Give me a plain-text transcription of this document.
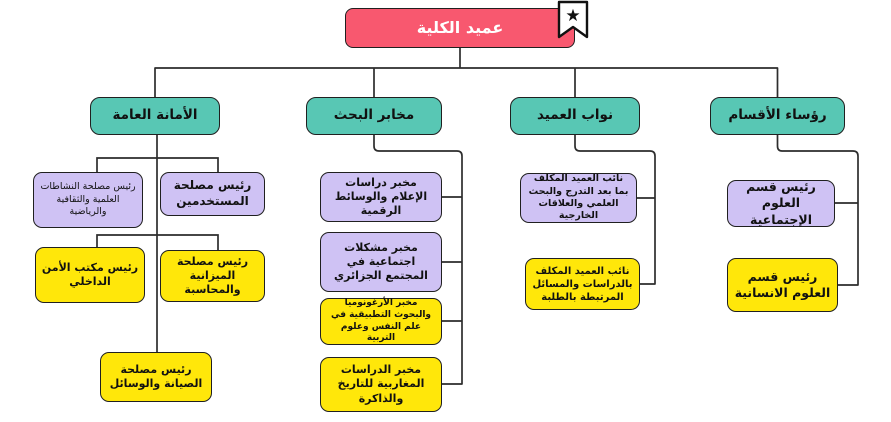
عميد الكلية
★
الأمانة العامة	مخابر البحث	نواب العميد	رؤساء الأقسام
رئيس مصلحة النشاطات العلمية والثقافية والرياضية
رئيس مصلحة المستخدمين
رئيس مكتب الأمن الداخلي
رئيس مصلحة الميزانية والمحاسبة
رئيس مصلحة الصيانة والوسائل
مخبر دراسات الإعلام والوسائط الرقمية
مخبر مشكلات اجتماعية في المجتمع الجزائري
مخبر الأرغونوميا والبحوث التطبيقية في علم النفس وعلوم التربية
مخبر الدراسات المغاربية للتاريخ والذاكرة
نائب العميد المكلف بما بعد التدرج والبحث العلمي والعلاقات الخارجية
نائب العميد المكلف بالدراسات والمسائل المرتبطة بالطلبة
رئيس قسم العلوم الإجتماعية
رئيس قسم العلوم الانسانية
